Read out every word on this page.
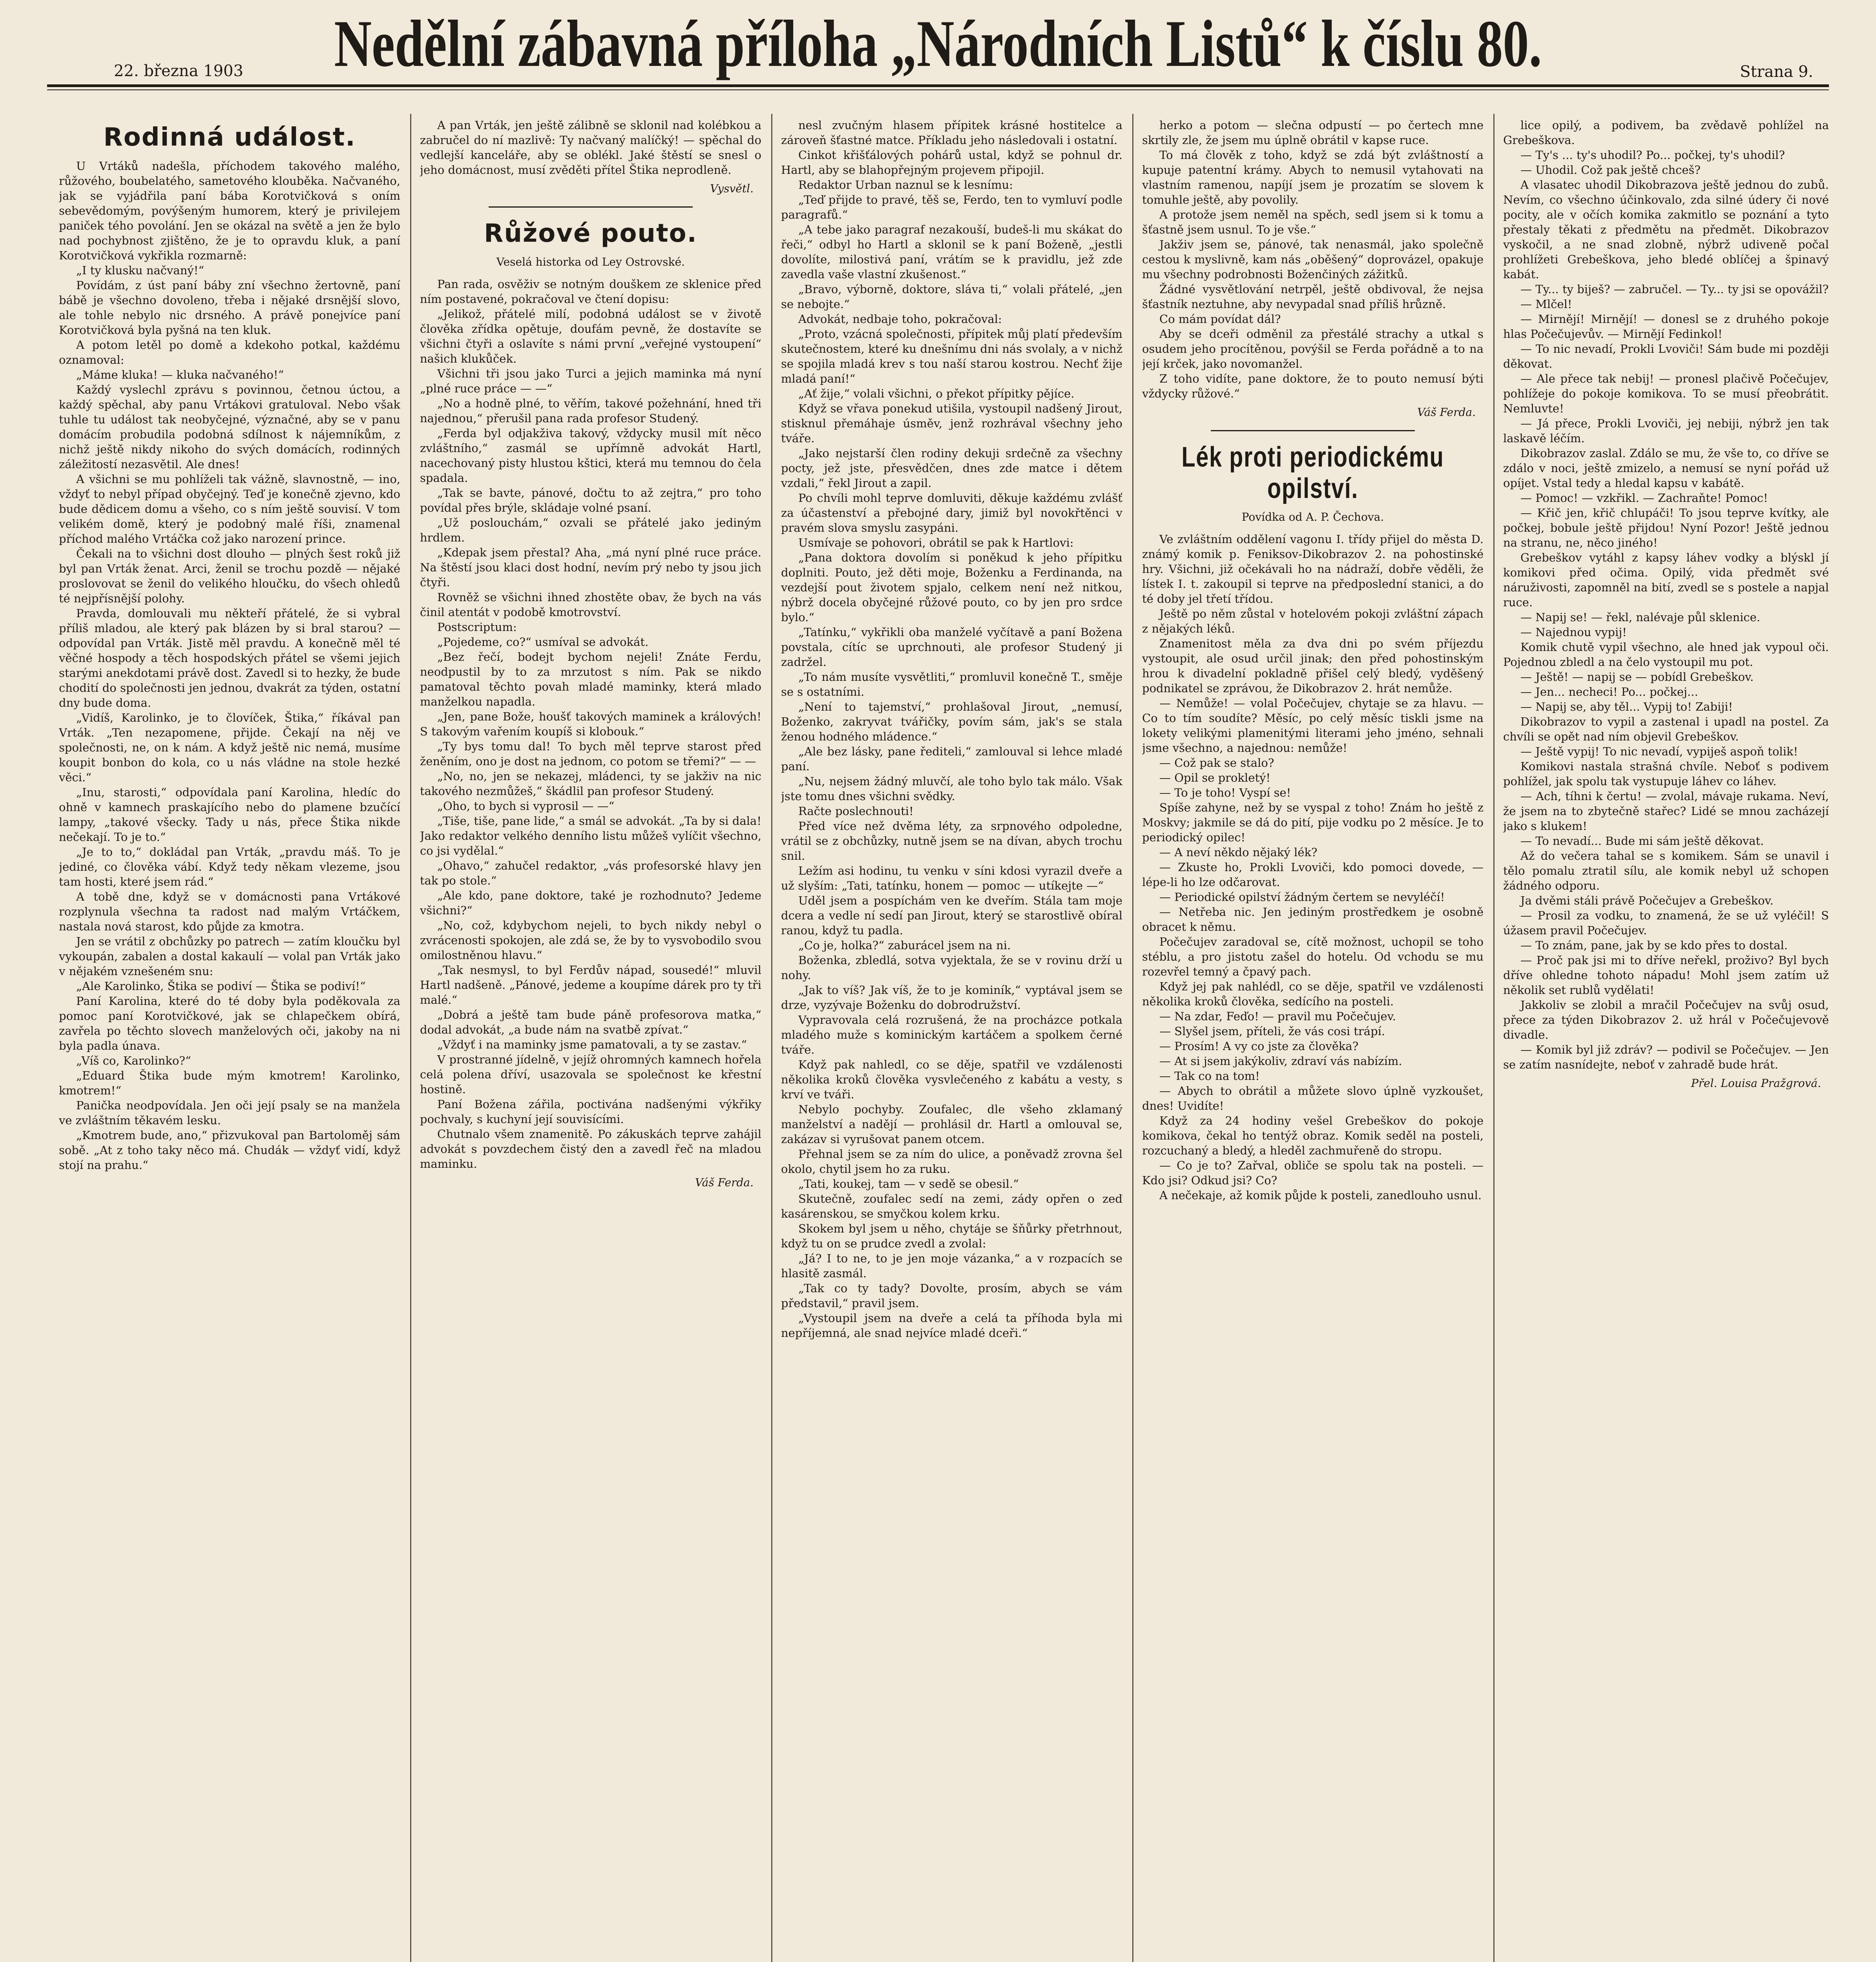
22. března 1903	Nedělní zábavná příloha „Národních Listů“ k číslu 80.	Strana 9.
Rodinná událost.

U Vrtáků nadešla, příchodem takového malého, růžového, boubelatého, sametového klouběka. Načvaného, jak se vyjádřila paní bába Korotvičková s oním sebevědomým, povýšeným humorem, který je privilejem paniček tého povolání. Jen se okázal na světě a jen že bylo nad pochybnost zjištěno, že je to opravdu kluk, a paní Korotvičková vykřikla rozmarně:

„I ty klusku načvaný!“

Povídám, z úst paní báby zní všechno žertovně, paní bábě je všechno dovoleno, třeba i nějaké drsnější slovo, ale tohle nebylo nic drsného. A právě ponejvíce paní Korotvičková byla pyšná na ten kluk.

A potom letěl po domě a kdekoho potkal, každému oznamoval:

„Máme kluka! — kluka načvaného!“

Každý vyslechl zprávu s povinnou, četnou úctou, a každý spěchal, aby panu Vrtákovi gratuloval. Nebo však tuhle tu událost tak neobyčejné, význačné, aby se v panu domácím probudila podobná sdílnost k nájemníkům, z nichž ještě nikdy nikoho do svých domácích, rodinných záležitostí nezasvětil. Ale dnes!

A všichni se mu pohlíželi tak vážně, slavnostně, — ino, vždyť to nebyl případ obyčejný. Teď je konečně zjevno, kdo bude dědicem domu a všeho, co s ním ještě souvisí. V tom velikém domě, který je podobný malé říši, znamenal příchod malého Vrtáčka což jako narození prince.

Čekali na to všichni dost dlouho — plných šest roků již byl pan Vrták ženat. Arci, ženil se trochu pozdě — nějaké proslovovat se ženil do velikého hloučku, do všech ohledů té nejpřísnější polohy.

Pravda, domlouvali mu někteří přátelé, že si vybral příliš mladou, ale který pak blázen by si bral starou? — odpovídal pan Vrták. Jistě měl pravdu. A konečně měl té věčné hospody a těch hospodských přátel se všemi jejich starými anekdotami právě dost. Zavedl si to hezky, že bude chodití do společnosti jen jednou, dvakrát za týden, ostatní dny bude doma.

„Vidíš, Karolinko, je to človíček, Štika,“ říkával pan Vrták. „Ten nezapomene, přijde. Čekají na něj ve společnosti, ne, on k nám. A když ještě nic nemá, musíme koupit bonbon do kola, co u nás vládne na stole hezké věci.“

„Inu, starosti,“ odpovídala paní Karolina, hledíc do ohně v kamnech praskajícího nebo do plamene bzučící lampy, „takové všecky. Tady u nás, přece Štika nikde nečekají. To je to.“

„Je to to,“ dokládal pan Vrták, „pravdu máš. To je jediné, co člověka vábí. Když tedy někam vlezeme, jsou tam hosti, které jsem rád.“

A tobě dne, když se v domácnosti pana Vrtákové rozplynula všechna ta radost nad malým Vrtáčkem, nastala nová starost, kdo půjde za kmotra.

Jen se vrátil z obchůzky po patrech — zatím kloučku byl vykoupán, zabalen a dostal kakaulí — volal pan Vrták jako v nějakém vznešeném snu:

„Ale Karolinko, Štika se podiví — Štika se podiví!“

Paní Karolina, které do té doby byla poděkovala za pomoc paní Korotvičkové, jak se chlapečkem obírá, zavřela po těchto slovech manželových oči, jakoby na ni byla padla únava.

„Víš co, Karolinko?“

„Eduard Štika bude mým kmotrem! Karolinko, kmotrem!“

Panička neodpovídala. Jen oči její psaly se na manžela ve zvláštním těkavém lesku.

„Kmotrem bude, ano,“ přizvukoval pan Bartoloměj sám sobě. „At z toho taky něco má. Chudák — vždyť vidí, když stojí na prahu.“

A pan Vrták, jen ještě zálibně se sklonil nad kolébkou a zabručel do ní mazlivě: Ty načvaný malíčký! — spěchal do vedlejší kanceláře, aby se oblékl. Jaké štěstí se snesl o jeho domácnost, musí zvěděti přítel Štika neprodleně.

Vysvětl.
Růžové pouto.
Veselá historka od Ley Ostrovské.

Pan rada, osvěživ se notným douškem ze sklenice před ním postavené, pokračoval ve čtení dopisu:

„Jelikož, přátelé milí, podobná událost se v životě člověka zřídka opětuje, doufám pevně, že dostavíte se všichni čtyři a oslavíte s námi první „veřejné vystoupení“ našich klukůček.

Všichni tři jsou jako Turci a jejich maminka má nyní „plné ruce práce — —“

„No a hodně plné, to věřím, takové požehnání, hned tři najednou,“ přerušil pana rada profesor Studený.

„Ferda byl odjakživa takový, vždycky musil mít něco zvláštního,“ zasmál se upřímně advokát Hartl, nacechovaný pisty hlustou kštici, která mu temnou do čela spadala.

„Tak se bavte, pánové, dočtu to až zejtra,“ pro toho povídal přes brýle, skládaje volné psaní.

„Už poslouchám,“ ozvali se přátelé jako jediným hrdlem.

„Kdepak jsem přestal? Aha, „má nyní plné ruce práce. Na štěstí jsou klaci dost hodní, nevím prý nebo ty jsou jich čtyři.

Rovněž se všichni ihned zhostěte obav, že bych na vás činil atentát v podobě kmotrovství.

Postscriptum:

„Pojedeme, co?“ usmíval se advokát.

„Bez řečí, bodejt bychom nejeli! Znáte Ferdu, neodpustil by to za mrzutost s ním. Pak se nikdo pamatoval těchto povah mladé maminky, která mlado manželkou napadla.

„Jen, pane Bože, houšť takových maminek a králových! S takovým vařením koupíš si klobouk.“

„Ty bys tomu dal! To bych měl teprve starost před ženěním, ono je dost na jednom, co potom se třemi?“ — —

„No, no, jen se nekazej, mládenci, ty se jakživ na nic takového nezmůžeš,“ škádlil pan profesor Studený.

„Oho, to bych si vyprosil — —“

„Tiše, tiše, pane lide,“ a smál se advokát. „Ta by si dala! Jako redaktor velkého denního listu můžeš vylíčit všechno, co jsi vydělal.“

„Ohavo,“ zahučel redaktor, „vás profesorské hlavy jen tak po stole.“

„Ale kdo, pane doktore, také je rozhodnuto? Jedeme všichni?“

„No, což, kdybychom nejeli, to bych nikdy nebyl o zvrácenosti spokojen, ale zdá se, že by to vysvobodilo svou omilostněnou hlavu.“

„Tak nesmysl, to byl Ferdův nápad, sousedé!“ mluvil Hartl nadšeně. „Pánové, jedeme a koupíme dárek pro ty tři malé.“

„Dobrá a ještě tam bude páně profesorova matka,“ dodal advokát, „a bude nám na svatbě zpívat.“

„Vždyť i na maminky jsme pamatovali, a ty se zastav.“

V prostranné jídelně, v jejíž ohromných kamnech hořela celá polena dříví, usazovala se společnost ke křestní hostině.

Paní Božena zářila, poctivána nadšenými výkřiky pochvaly, s kuchyní její souvisícími.

Chutnalo všem znamenitě. Po zákuskách teprve zahájil advokát s povzdechem čistý den a zavedl řeč na mladou maminku.

Váš Ferda.

nesl zvučným hlasem přípitek krásné hostitelce a zároveň šťastné matce. Příkladu jeho následovali i ostatní.

Cinkot křišťálových pohárů ustal, když se pohnul dr. Hartl, aby se blahopřejným projevem připojil.

Redaktor Urban naznul se k lesnímu:

„Teď přijde to pravé, těš se, Ferdo, ten to vymluví podle paragrafů.“

„A tebe jako paragraf nezakouší, budeš-li mu skákat do řeči,“ odbyl ho Hartl a sklonil se k paní Boženě, „jestli dovolíte, milostivá paní, vrátím se k pravidlu, jež zde zavedla vaše vlastní zkušenost.“

„Bravo, výborně, doktore, sláva ti,“ volali přátelé, „jen se nebojte.“

Advokát, nedbaje toho, pokračoval:

„Proto, vzácná společnosti, přípitek můj platí především skutečnostem, které ku dnešnímu dni nás svolaly, a v nichž se spojila mladá krev s tou naší starou kostrou. Nechť žije mladá paní!“

„Ať žije,“ volali všichni, o překot přípitky pějíce.

Když se vřava ponekud utišila, vystoupil nadšený Jirout, stisknul přemáhaje úsměv, jenž rozhrával všechny jeho tváře.

„Jako nejstarší člen rodiny dekuji srdečně za všechny pocty, jež jste, přesvědčen, dnes zde matce i dětem vzdali,“ řekl Jirout a zapil.

Po chvíli mohl teprve domluviti, děkuje každému zvlášť za účastenství a přebojné dary, jimiž byl novokřtěnci v pravém slova smyslu zasypáni.

Usmívaje se pohovori, obrátil se pak k Hartlovi:

„Pana doktora dovolím si poněkud k jeho přípitku doplniti. Pouto, jež děti moje, Boženku a Ferdinanda, na vezdejší pout životem spjalo, celkem není než nitkou, nýbrž docela obyčejné růžové pouto, co by jen pro srdce bylo.“

„Tatínku,“ vykřikli oba manželé vyčítavě a paní Božena povstala, cítíc se uprchnouti, ale profesor Studený ji zadržel.

„To nám musíte vysvětliti,“ promluvil konečně T., směje se s ostatními.

„Není to tajemství,“ prohlašoval Jirout, „nemusí, Boženko, zakryvat tvářičky, povím sám, jak's se stala ženou hodného mládence.“

„Ale bez lásky, pane řediteli,“ zamlouval si lehce mladé paní.

„Nu, nejsem žádný mluvčí, ale toho bylo tak málo. Však jste tomu dnes všichni svědky.

Račte poslechnouti!

Před více než dvěma léty, za srpnového odpoledne, vrátil se z obchůzky, nutně jsem se na dívan, abych trochu snil.

Ležím asi hodinu, tu venku v síni kdosi vyrazil dveře a už slyším: „Tati, tatínku, honem — pomoc — utíkejte —“

Uděl jsem a pospíchám ven ke dveřím. Stála tam moje dcera a vedle ní sedí pan Jirout, který se starostlivě obíral ranou, když tu padla.

„Co je, holka?“ zaburácel jsem na ni.

Boženka, zbledlá, sotva vyjektala, že se v rovinu drží u nohy.

„Jak to víš? Jak víš, že to je kominík,“ vyptával jsem se drze, vyzývaje Boženku do dobrodružství.

Vypravovala celá rozrušená, že na procházce potkala mladého muže s kominickým kartáčem a spolkem černé tváře.

Když pak nahledl, co se děje, spatřil ve vzdálenosti několika kroků člověka vysvlečeného z kabátu a vesty, s krví ve tváři.

Nebylo pochyby. Zoufalec, dle všeho zklamaný manželství a nadějí — prohlásil dr. Hartl a omlouval se, zakázav si vyrušovat panem otcem.

Přehnal jsem se za ním do ulice, a poněvadž zrovna šel okolo, chytil jsem ho za ruku.

„Tati, koukej, tam — v sedě se obesil.“

Skutečně, zoufalec sedí na zemi, zády opřen o zeď kasárenskou, se smyčkou kolem krku.

Skokem byl jsem u něho, chytáje se šňůrky přetrhnout, když tu on se prudce zvedl a zvolal:

„Já? I to ne, to je jen moje vázanka,“ a v rozpacích se hlasitě zasmál.

„Tak co ty tady? Dovolte, prosím, abych se vám představil,“ pravil jsem.

„Vystoupil jsem na dveře a celá ta příhoda byla mi nepříjemná, ale snad nejvíce mladé dceři.“

herko a potom — slečna odpustí — po čertech mne skrtily zle, že jsem mu úplně obrátil v kapse ruce.

To má člověk z toho, když se zdá být zvláštností a kupuje patentní krámy. Abych to nemusil vytahovati na vlastním ramenou, napíjí jsem je prozatím se slovem k tomuhle ještě, aby povolily.

A protože jsem neměl na spěch, sedl jsem si k tomu a šťastně jsem usnul. To je vše.“

Jakživ jsem se, pánové, tak nenasmál, jako společně cestou k myslivně, kam nás „oběšený“ doprovázel, opakuje mu všechny podrobnosti Boženčiných zážitků.

Žádné vysvětlování netrpěl, ještě obdivoval, že nejsa šťastník neztuhne, aby nevypadal snad příliš hrůzně.

Co mám povídat dál?

Aby se dceři odměnil za přestálé strachy a utkal s osudem jeho procítěnou, povýšil se Ferda pořádně a to na její krček, jako novomanžel.

Z toho vidíte, pane doktore, že to pouto nemusí býti vždycky růžové.“

Váš Ferda.
Lék proti periodickému opilství.
Povídka od A. P. Čechova.

Ve zvláštním oddělení vagonu I. třídy přijel do města D. známý komik p. Feniksov-Dikobrazov 2. na pohostinské hry. Všichni, již očekávali ho na nádraží, dobře věděli, že lístek I. t. zakoupil si teprve na předposlední stanici, a do té doby jel třetí třídou.

Ještě po něm zůstal v hotelovém pokoji zvláštní zápach z nějakých léků.

Znamenitost měla za dva dni po svém příjezdu vystoupit, ale osud určil jinak; den před pohostinským hrou k divadelní pokladně přišel celý bledý, vyděšený podnikatel se zprávou, že Dikobrazov 2. hrát nemůže.

— Nemůže! — volal Počečujev, chytaje se za hlavu. — Co to tím soudíte? Měsíc, po celý měsíc tiskli jsme na lokety velikými plamenitými literami jeho jméno, sehnali jsme všechno, a najednou: nemůže!

— Což pak se stalo?

— Opil se prokletý!

— To je toho! Vyspí se!

Spíše zahyne, než by se vyspal z toho! Znám ho ještě z Moskvy; jakmile se dá do pití, pije vodku po 2 měsíce. Je to periodický opilec!

— A neví někdo nějaký lék?

— Zkuste ho, Prokli Lvoviči, kdo pomoci dovede, — lépe-li ho lze odčarovat.

— Periodické opilství žádným čertem se nevyléčí!

— Netřeba nic. Jen jediným prostředkem je osobně obracet k němu.

Počečujev zaradoval se, cítě možnost, uchopil se toho stéblu, a pro jistotu zašel do hotelu. Od vchodu se mu rozevřel temný a čpavý pach.

Když jej pak nahlédl, co se děje, spatřil ve vzdálenosti několika kroků člověka, sedícího na posteli.

— Na zdar, Feďo! — pravil mu Počečujev.

— Slyšel jsem, příteli, že vás cosi trápí.

— Prosím! A vy co jste za člověka?

— At si jsem jakýkoliv, zdraví vás nabízím.

— Tak co na tom!

— Abych to obrátil a můžete slovo úplně vyzkoušet, dnes! Uvidíte!

Když za 24 hodiny vešel Grebeškov do pokoje komikova, čekal ho tentýž obraz. Komik seděl na posteli, rozcuchaný a bledý, a hleděl zachmuřeně do stropu.

— Co je to? Zařval, obliče se spolu tak na posteli. — Kdo jsi? Odkud jsi? Co?

A nečekaje, až komik půjde k posteli, zanedlouho usnul.

lice opilý, a podivem, ba zvědavě pohlížel na Grebeškova.

— Ty's ... ty's uhodil? Po... počkej, ty's uhodil?

— Uhodil. Což pak ještě chceš?

A vlasatec uhodil Dikobrazova ještě jednou do zubů. Nevím, co všechno účinkovalo, zda silné údery či nové pocity, ale v očích komika zakmitlo se poznání a tyto přestaly těkati z předmětu na předmět. Dikobrazov vyskočil, a ne snad zlobně, nýbrž udiveně počal prohlížeti Grebeškova, jeho bledé oblíčej a špinavý kabát.

— Ty... ty biješ? — zabručel. — Ty... ty jsi se opovážil?

— Mlčel!

— Mirnějí! Mirnějí! — donesl se z druhého pokoje hlas Počečujevův. — Mirnějí Fedinkol!

— To nic nevadí, Prokli Lvoviči! Sám bude mi později děkovat.

— Ale přece tak nebij! — pronesl plačivě Počečujev, pohlížeje do pokoje komikova. To se musí přeobrátit. Nemluvte!

— Já přece, Prokli Lvoviči, jej nebiji, nýbrž jen tak laskavě léčím.

Dikobrazov zaslal. Zdálo se mu, že vše to, co dříve se zdálo v noci, ještě zmizelo, a nemusí se nyní pořád už opíjet. Vstal tedy a hledal kapsu v kabátě.

— Pomoc! — vzkřikl. — Zachraňte! Pomoc!

— Křič jen, křič chlupáči! To jsou teprve kvítky, ale počkej, bobule ještě přijdou! Nyní Pozor! Ještě jednou na stranu, ne, něco jiného!

Grebeškov vytáhl z kapsy láhev vodky a blýskl jí komikovi před očima. Opilý, vida předmět své náruživosti, zapomněl na bití, zvedl se s postele a napjal ruce.

— Napij se! — řekl, nalévaje půl sklenice.

— Najednou vypij!

Komik chutě vypil všechno, ale hned jak vypoul oči. Pojednou zbledl a na čelo vystoupil mu pot.

— Ještě! — napij se — pobídl Grebeškov.

— Jen... necheci! Po... počkej...

— Napij se, aby těl... Vypij to! Zabiji!

Dikobrazov to vypil a zastenal i upadl na postel. Za chvíli se opět nad ním objevil Grebeškov.

— Ještě vypij! To nic nevadí, vypiješ aspoň tolik!

Komikovi nastala strašná chvíle. Neboť s podivem pohlížel, jak spolu tak vystupuje láhev co láhev.

— Ach, tíhni k čertu! — zvolal, mávaje rukama. Neví, že jsem na to zbytečně stařec? Lidé se mnou zacházejí jako s klukem!

— To nevadí... Bude mi sám ještě děkovat.

Až do večera tahal se s komikem. Sám se unavil i tělo pomalu ztratil sílu, ale komik nebyl už schopen žádného odporu.

Ja dvěmi stáli právě Počečujev a Grebeškov.

— Prosil za vodku, to znamená, že se už vyléčil! S úžasem pravil Počečujev.

— To znám, pane, jak by se kdo přes to dostal.

— Proč pak jsi mi to dříve neřekl, proživo? Byl bych dříve ohledne tohoto nápadu! Mohl jsem zatím už několik set rublů vydělati!

Jakkoliv se zlobil a mračil Počečujev na svůj osud, přece za týden Dikobrazov 2. už hrál v Počečujevově divadle.

— Komik byl již zdráv? — podivil se Počečujev. — Jen se zatím nasnídejte, neboť v zahradě bude hrát.

Přel. Louisa Pražgrová.
